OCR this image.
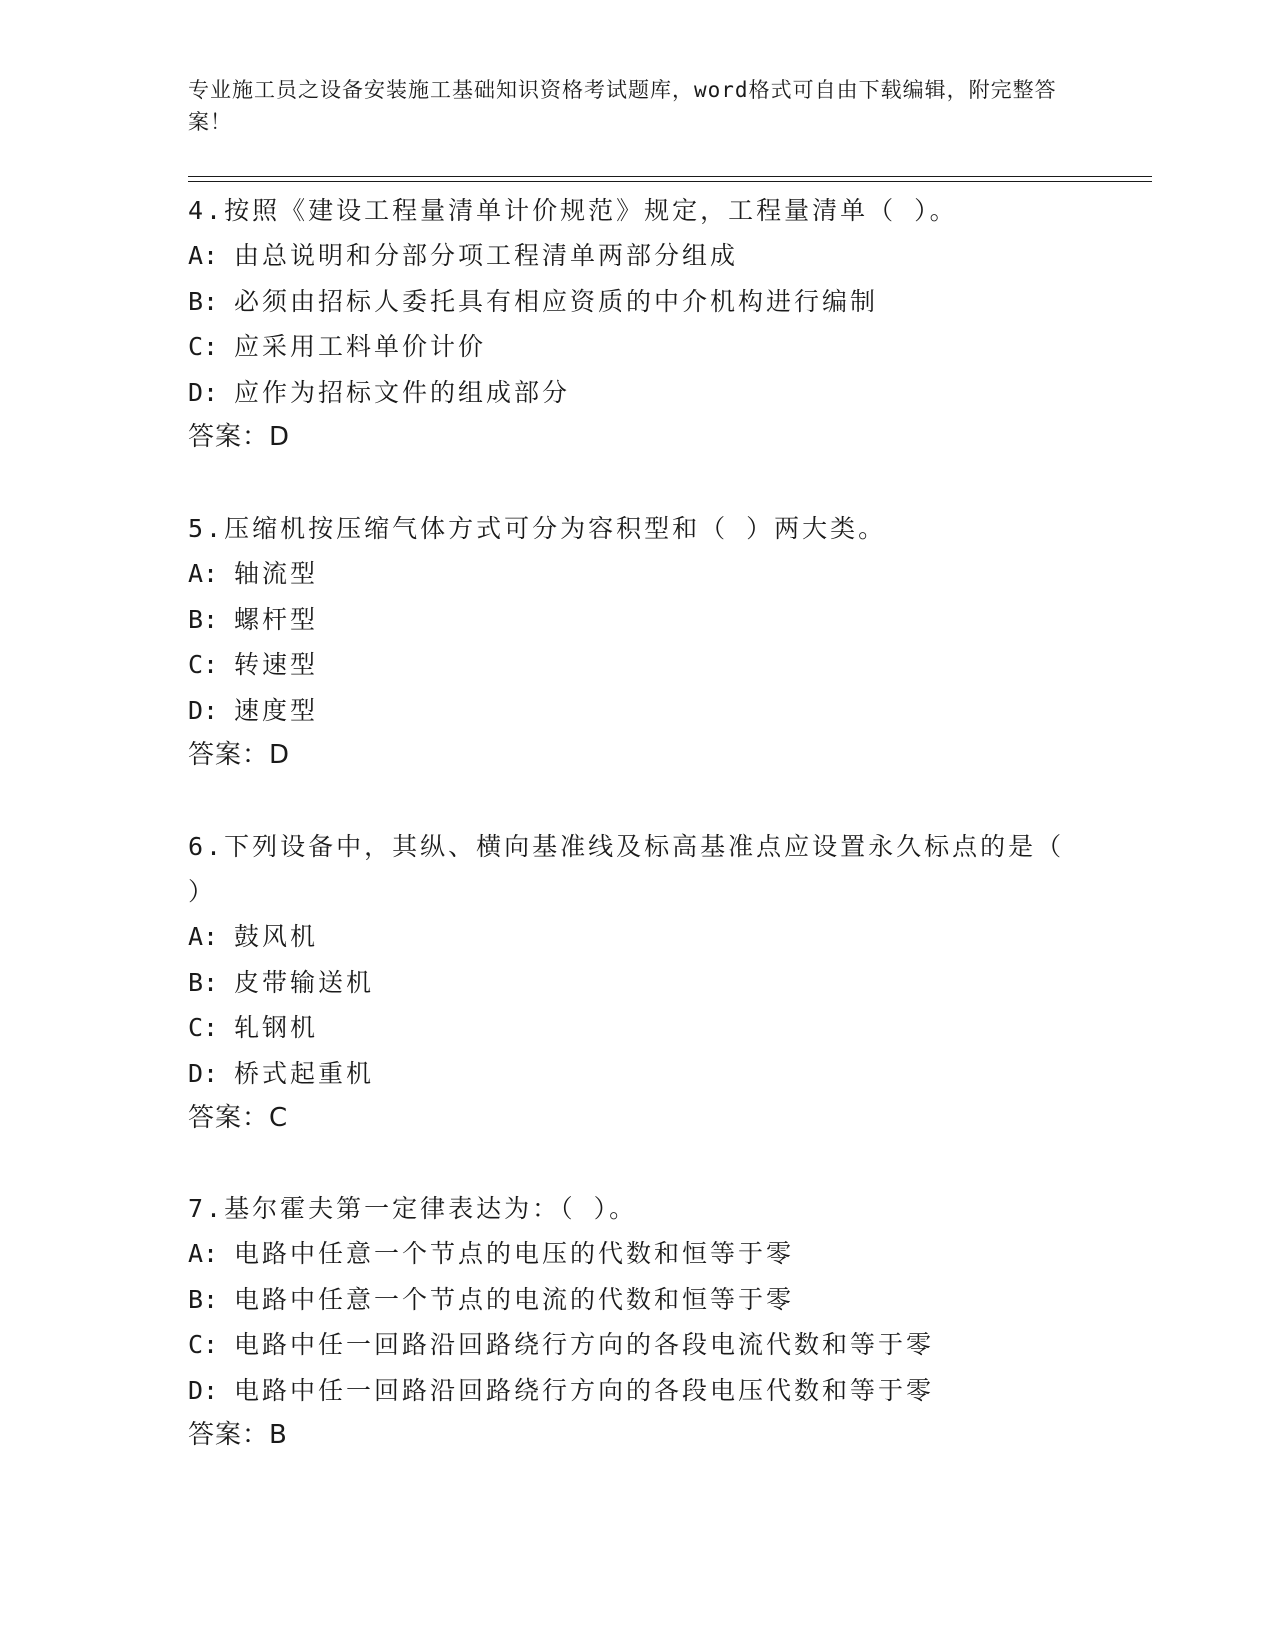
专业施工员之设备安装施工基础知识资格考试题库，word格式可自由下载编辑，附完整答案！

4.按照《建设工程量清单计价规范》规定，工程量清单（ ）。

A: 由总说明和分部分项工程清单两部分组成

B: 必须由招标人委托具有相应资质的中介机构进行编制

C: 应采用工料单价计价

D: 应作为招标文件的组成部分

答案：D

5.压缩机按压缩气体方式可分为容积型和（ ）两大类。

A: 轴流型

B: 螺杆型

C: 转速型

D: 速度型

答案：D

6.下列设备中，其纵、横向基准线及标高基准点应设置永久标点的是（ ）

A: 鼓风机

B: 皮带输送机

C: 轧钢机

D: 桥式起重机

答案：C

7.基尔霍夫第一定律表达为：（ ）。

A: 电路中任意一个节点的电压的代数和恒等于零

B: 电路中任意一个节点的电流的代数和恒等于零

C: 电路中任一回路沿回路绕行方向的各段电流代数和等于零

D: 电路中任一回路沿回路绕行方向的各段电压代数和等于零

答案：B
